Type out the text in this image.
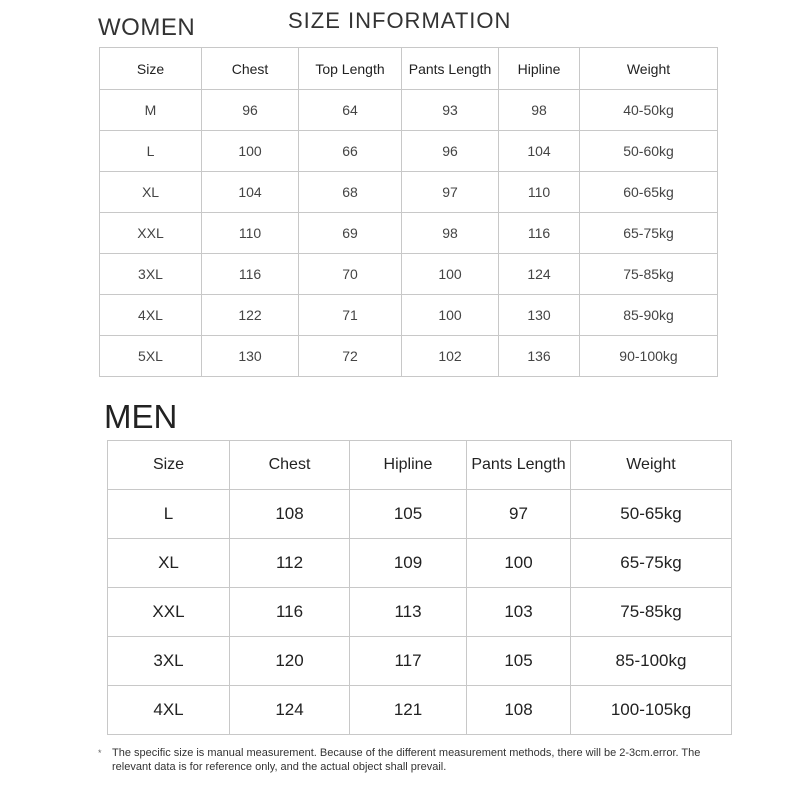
WOMEN	SIZE INFORMATION
Size	Chest	Top Length	Pants Length	Hipline	Weight
M	96	64	93	98	40-50kg
L	100	66	96	104	50-60kg
XL	104	68	97	110	60-65kg
XXL	110	69	98	116	65-75kg
3XL	116	70	100	124	75-85kg
4XL	122	71	100	130	85-90kg
5XL	130	72	102	136	90-100kg
MEN
Size	Chest	Hipline	Pants Length	Weight
L	108	105	97	50-65kg
XL	112	109	100	65-75kg
XXL	116	113	103	75-85kg
3XL	120	117	105	85-100kg
4XL	124	121	108	100-105kg
* The specific size is manual measurement. Because of the different measurement methods, there will be 2-3cm.error. The relevant data is for reference only, and the actual object shall prevail.
